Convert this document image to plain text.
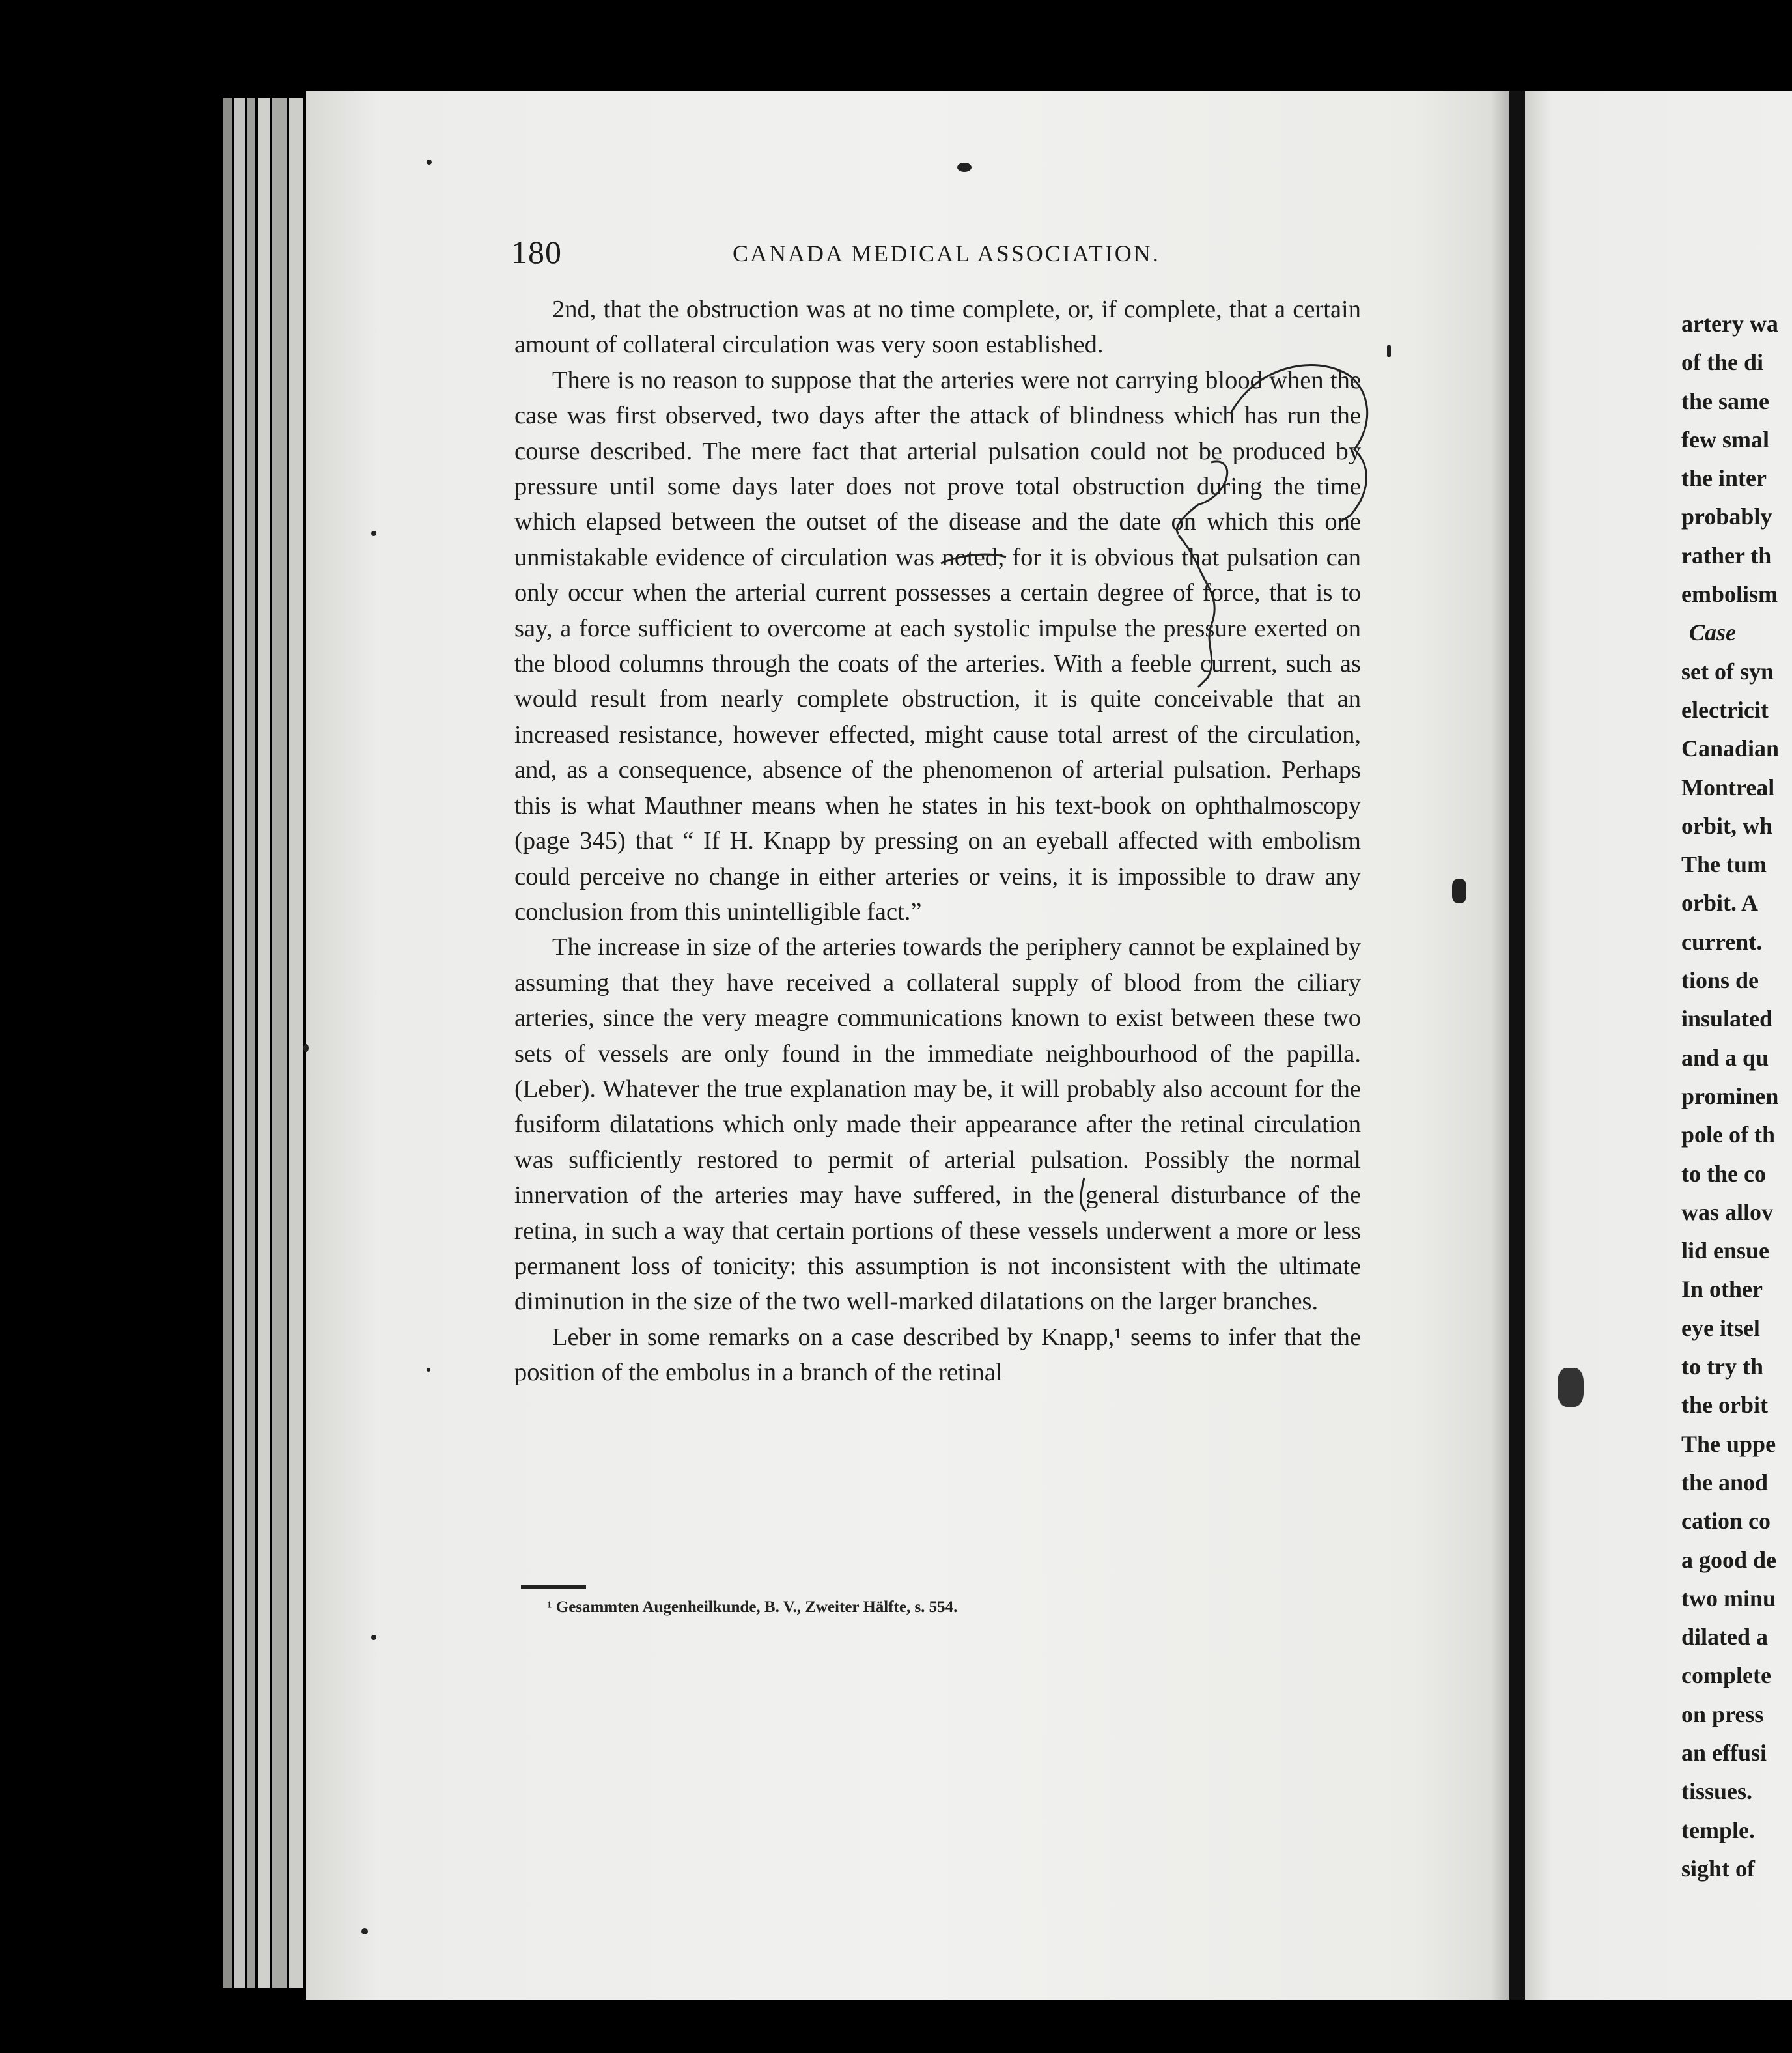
180	CANADA MEDICAL ASSOCIATION.

2nd, that the obstruction was at no time complete, or, if complete, that a certain amount of collateral circulation was very soon established.

There is no reason to suppose that the arteries were not carrying blood when the case was first observed, two days after the attack of blindness which has run the course described. The mere fact that arterial pulsation could not be produced by pressure until some days later does not prove total obstruction during the time which elapsed between the outset of the disease and the date on which this one unmistakable evidence of circulation was noted; for it is obvious that pulsation can only occur when the arterial current possesses a certain degree of force, that is to say, a force sufficient to overcome at each systolic impulse the pressure exerted on the blood columns through the coats of the arteries. With a feeble current, such as would result from nearly complete obstruction, it is quite conceivable that an increased resistance, however effected, might cause total arrest of the circulation, and, as a consequence, absence of the phenomenon of arterial pulsation. Perhaps this is what Mauthner means when he states in his text-book on ophthalmoscopy (page 345) that “ If H. Knapp by pressing on an eyeball affected with embolism could perceive no change in either arteries or veins, it is impossible to draw any conclusion from this unintelligible fact.”

The increase in size of the arteries towards the periphery cannot be explained by assuming that they have received a collateral supply of blood from the ciliary arteries, since the very meagre communications known to exist between these two sets of vessels are only found in the immediate neighbourhood of the papilla. (Leber). Whatever the true explanation may be, it will probably also account for the fusiform dilatations which only made their appearance after the retinal circulation was sufficiently restored to permit of arterial pulsation. Possibly the normal innervation of the arteries may have suffered, in the general disturbance of the retina, in such a way that certain portions of these vessels underwent a more or less permanent loss of tonicity: this assumption is not inconsistent with the ultimate diminution in the size of the two well-marked dilatations on the larger branches.

Leber in some remarks on a case described by Knapp,¹ seems to infer that the position of the embolus in a branch of the retinal

¹ Gesammten Augenheilkunde, B. V., Zweiter Hälfte, s. 554.
artery wa
of the di
the same
few smal
the inter
probably
rather th
embolism
Case
set of syn
electricit
Canadian
Montreal
orbit, wh
The tum
orbit. A
current.
tions de
insulated
and a qu
prominen
pole of th
to the co
was allov
lid ensue
In other
eye itsel
to try th
the orbit
The uppe
the anod
cation co
a good de
two minu
dilated a
complete
on press
an effusi
tissues.
temple.
sight of
